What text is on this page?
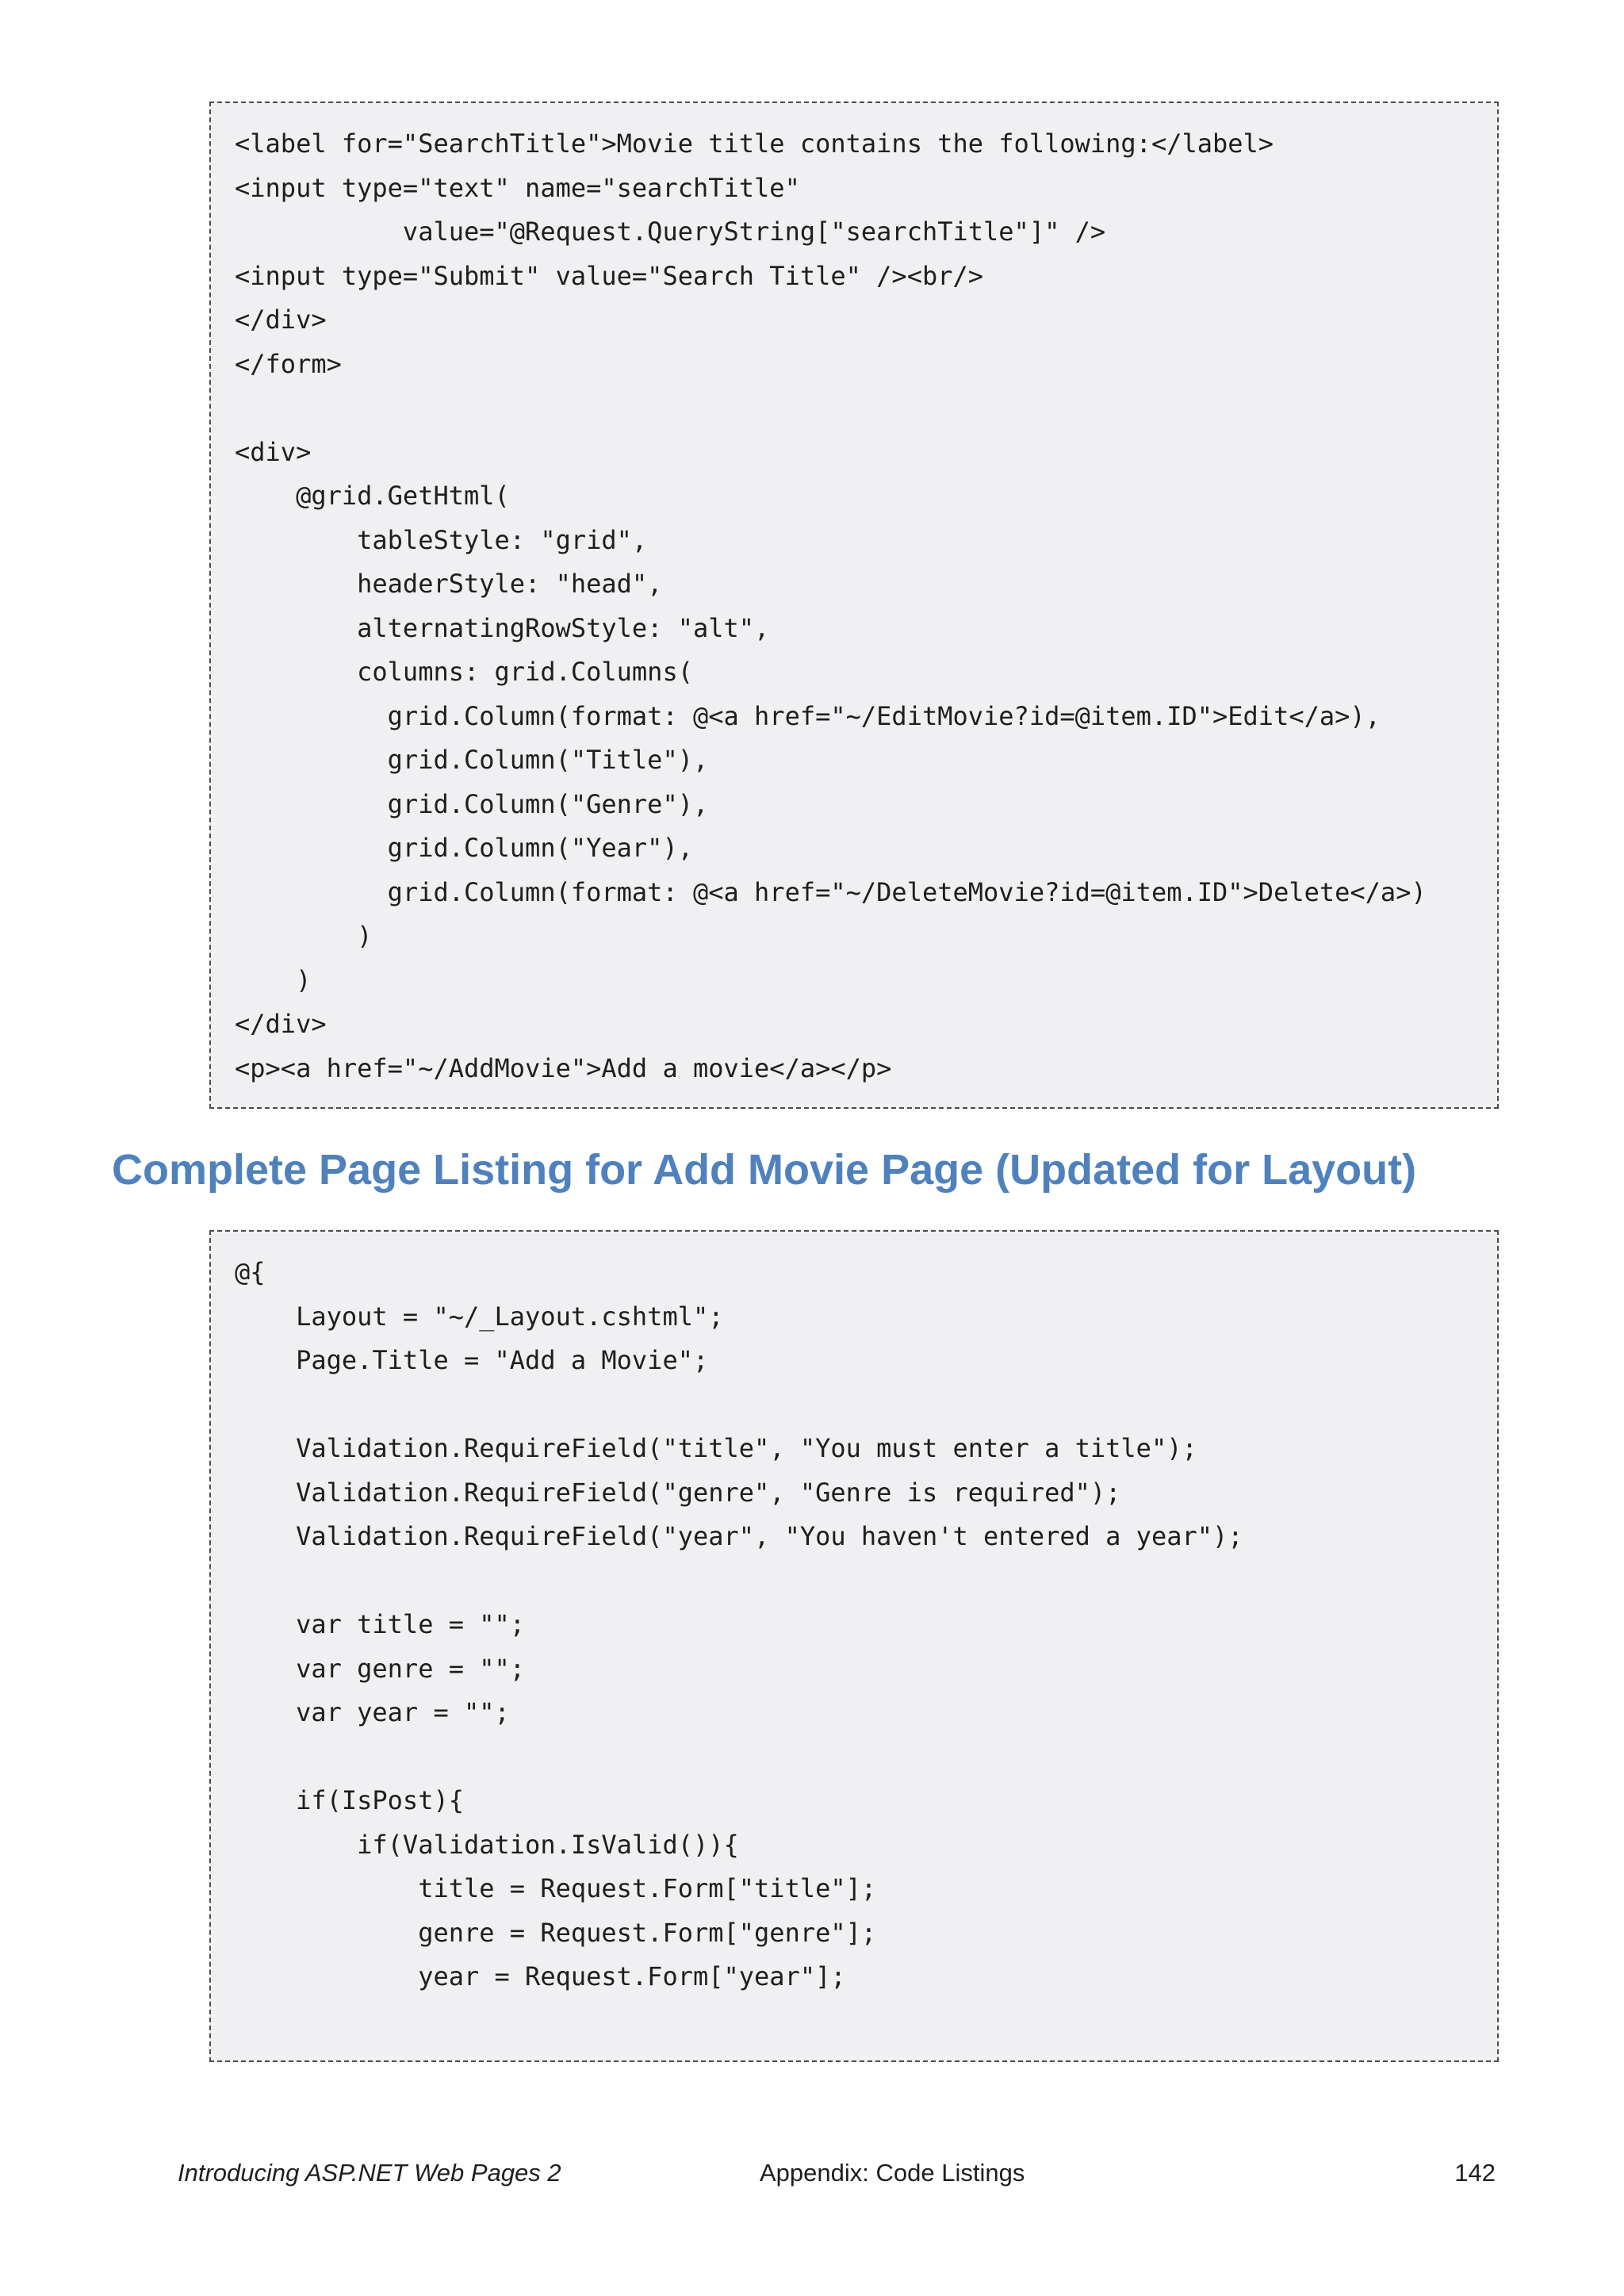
<label for="SearchTitle">Movie title contains the following:</label>
<input type="text" name="searchTitle"
value="@Request.QueryString["searchTitle"]" />
<input type="Submit" value="Search Title" /><br/>
</div>
</form>
<div>
@grid.GetHtml(
tableStyle: "grid",
headerStyle: "head",
alternatingRowStyle: "alt",
columns: grid.Columns(
grid.Column(format: @<a href="~/EditMovie?id=@item.ID">Edit</a>),
grid.Column("Title"),
grid.Column("Genre"),
grid.Column("Year"),
grid.Column(format: @<a href="~/DeleteMovie?id=@item.ID">Delete</a>)
)
)
</div>
<p><a href="~/AddMovie">Add a movie</a></p>
Complete Page Listing for Add Movie Page (Updated for Layout)
@{
Layout = "~/_Layout.cshtml";
Page.Title = "Add a Movie";
Validation.RequireField("title", "You must enter a title");
Validation.RequireField("genre", "Genre is required");
Validation.RequireField("year", "You haven't entered a year");
var title = "";
var genre = "";
var year = "";
if(IsPost){
if(Validation.IsValid()){
title = Request.Form["title"];
genre = Request.Form["genre"];
year = Request.Form["year"];
Introducing ASP.NET Web Pages 2	Appendix: Code Listings	142
